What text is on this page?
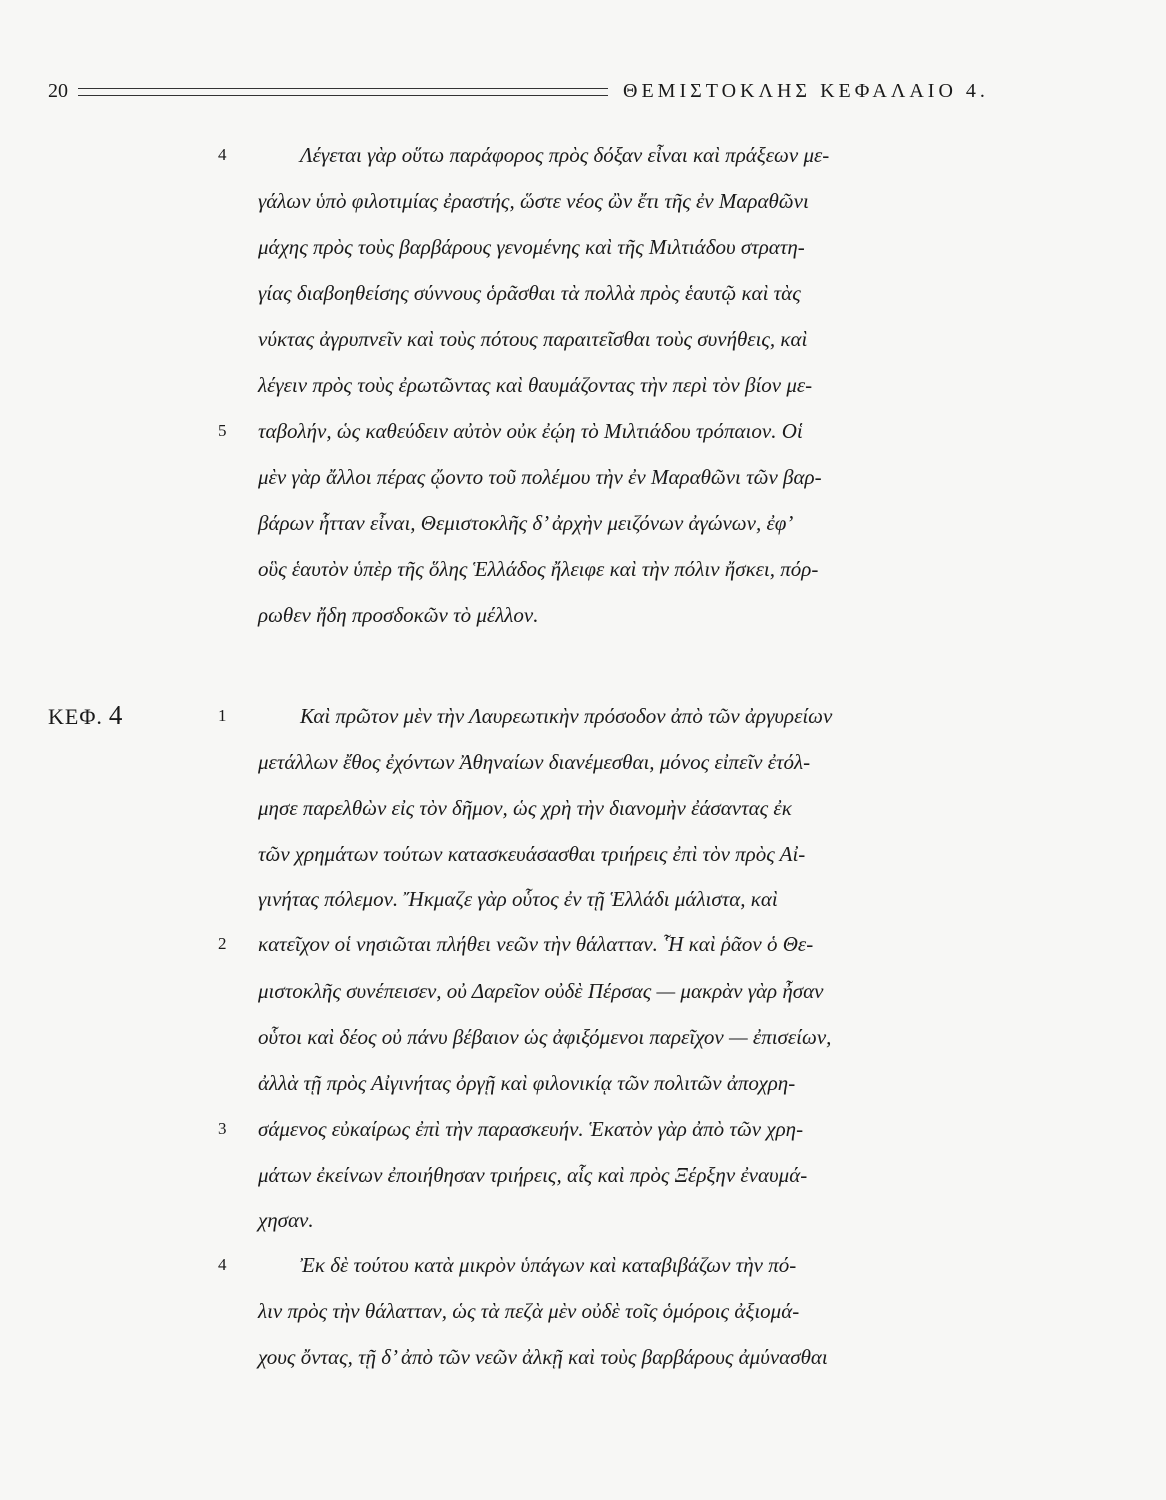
20	ΘΕΜΙΣΤΟΚΛΗΣ ΚΕΦΑΛΑΙΟ 4.
ΚΕΦ. 4
4
5
1
2
3
4
Λέγεται γὰρ οὕτω παράφορος πρὸς δόξαν εἶναι καὶ πράξεων με-
γάλων ὑπὸ φιλοτιμίας ἐραστής, ὥστε νέος ὢν ἔτι τῆς ἐν Μαραθῶνι
μάχης πρὸς τοὺς βαρβάρους γενομένης καὶ τῆς Μιλτιάδου στρατη-
γίας διαβοηθείσης σύννους ὁρᾶσθαι τὰ πολλὰ πρὸς ἑαυτῷ καὶ τὰς
νύκτας ἀγρυπνεῖν καὶ τοὺς πότους παραιτεῖσθαι τοὺς συνήθεις, καὶ
λέγειν πρὸς τοὺς ἐρωτῶντας καὶ θαυμάζοντας τὴν περὶ τὸν βίον με-
ταβολήν, ὡς καθεύδειν αὐτὸν οὐκ ἐῴη τὸ Μιλτιάδου τρόπαιον. Οἱ
μὲν γὰρ ἄλλοι πέρας ᾤοντο τοῦ πολέμου τὴν ἐν Μαραθῶνι τῶν βαρ-
βάρων ἧτταν εἶναι, Θεμιστοκλῆς δ’ ἀρχὴν μειζόνων ἀγώνων, ἐφ’
οὓς ἑαυτὸν ὑπὲρ τῆς ὅλης Ἑλλάδος ἤλειφε καὶ τὴν πόλιν ἤσκει, πόρ-
ρωθεν ἤδη προσδοκῶν τὸ μέλλον.
Καὶ πρῶτον μὲν τὴν Λαυρεωτικὴν πρόσοδον ἀπὸ τῶν ἀργυρείων
μετάλλων ἔθος ἐχόντων Ἀθηναίων διανέμεσθαι, μόνος εἰπεῖν ἐτόλ-
μησε παρελθὼν εἰς τὸν δῆμον, ὡς χρὴ τὴν διανομὴν ἐάσαντας ἐκ
τῶν χρημάτων τούτων κατασκευάσασθαι τριήρεις ἐπὶ τὸν πρὸς Αἰ-
γινήτας πόλεμον. Ἤκμαζε γὰρ οὗτος ἐν τῇ Ἑλλάδι μάλιστα, καὶ
κατεῖχον οἱ νησιῶται πλήθει νεῶν τὴν θάλατταν. Ἧ καὶ ῥᾶον ὁ Θε-
μιστοκλῆς συνέπεισεν, οὐ Δαρεῖον οὐδὲ Πέρσας — μακρὰν γὰρ ἦσαν
οὗτοι καὶ δέος οὐ πάνυ βέβαιον ὡς ἀφιξόμενοι παρεῖχον — ἐπισείων,
ἀλλὰ τῇ πρὸς Αἰγινήτας ὀργῇ καὶ φιλονικίᾳ τῶν πολιτῶν ἀποχρη-
σάμενος εὐκαίρως ἐπὶ τὴν παρασκευήν. Ἑκατὸν γὰρ ἀπὸ τῶν χρη-
μάτων ἐκείνων ἐποιήθησαν τριήρεις, αἷς καὶ πρὸς Ξέρξην ἐναυμά-
χησαν.
Ἐκ δὲ τούτου κατὰ μικρὸν ὑπάγων καὶ καταβιβάζων τὴν πό-
λιν πρὸς τὴν θάλατταν, ὡς τὰ πεζὰ μὲν οὐδὲ τοῖς ὁμόροις ἀξιομά-
χους ὄντας, τῇ δ’ ἀπὸ τῶν νεῶν ἀλκῇ καὶ τοὺς βαρβάρους ἀμύνασθαι
